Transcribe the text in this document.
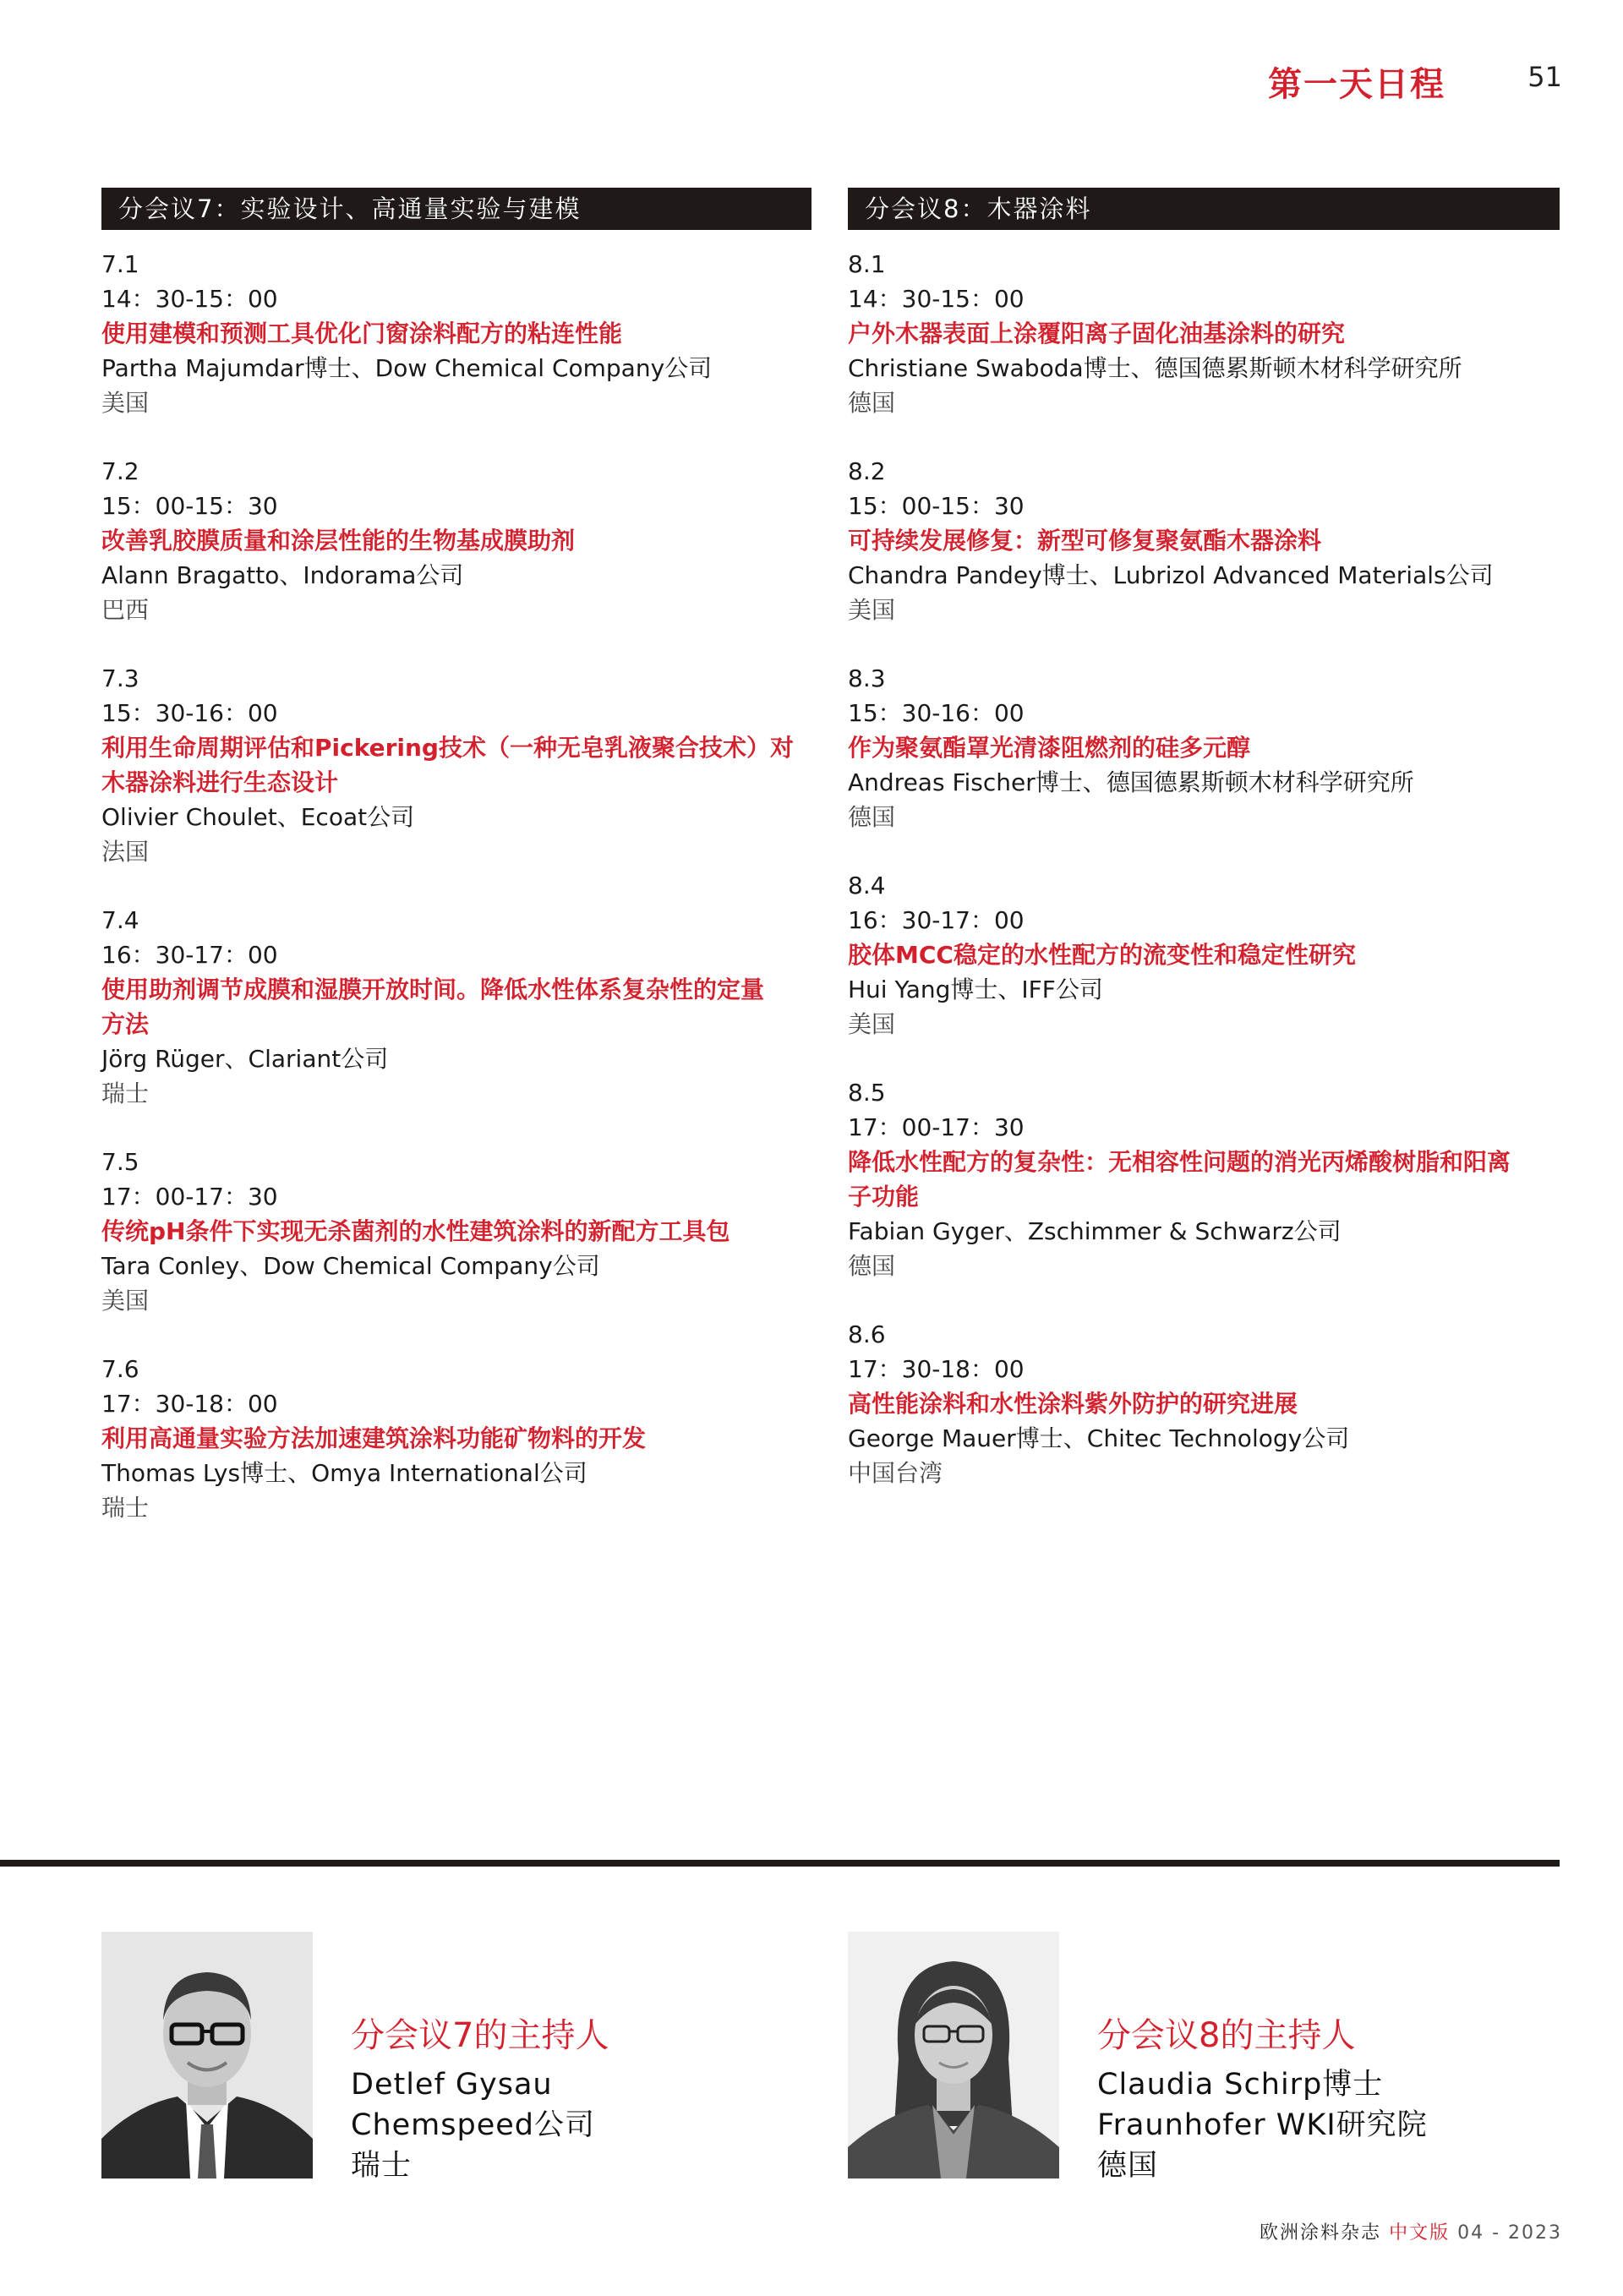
第一天日程	51
分会议7：实验设计、高通量实验与建模
7.1
14：30-15：00
使用建模和预测工具优化门窗涂料配方的粘连性能
Partha Majumdar博士、Dow Chemical Company公司
美国
7.2
15：00-15：30
改善乳胶膜质量和涂层性能的生物基成膜助剂
Alann Bragatto、Indorama公司
巴西
7.3
15：30-16：00
利用生命周期评估和Pickering技术（一种无皂乳液聚合技术）对
木器涂料进行生态设计
Olivier Choulet、Ecoat公司
法国
7.4
16：30-17：00
使用助剂调节成膜和湿膜开放时间。降低水性体系复杂性的定量
方法
Jörg Rüger、Clariant公司
瑞士
7.5
17：00-17：30
传统pH条件下实现无杀菌剂的水性建筑涂料的新配方工具包
Tara Conley、Dow Chemical Company公司
美国
7.6
17：30-18：00
利用高通量实验方法加速建筑涂料功能矿物料的开发
Thomas Lys博士、Omya International公司
瑞士
分会议8：木器涂料
8.1
14：30-15：00
户外木器表面上涂覆阳离子固化油基涂料的研究
Christiane Swaboda博士、德国德累斯顿木材科学研究所
德国
8.2
15：00-15：30
可持续发展修复：新型可修复聚氨酯木器涂料
Chandra Pandey博士、Lubrizol Advanced Materials公司
美国
8.3
15：30-16：00
作为聚氨酯罩光清漆阻燃剂的硅多元醇
Andreas Fischer博士、德国德累斯顿木材科学研究所
德国
8.4
16：30-17：00
胶体MCC稳定的水性配方的流变性和稳定性研究
Hui Yang博士、IFF公司
美国
8.5
17：00-17：30
降低水性配方的复杂性：无相容性问题的消光丙烯酸树脂和阳离
子功能
Fabian Gyger、Zschimmer & Schwarz公司
德国
8.6
17：30-18：00
高性能涂料和水性涂料紫外防护的研究进展
George Mauer博士、Chitec Technology公司
中国台湾
分会议7的主持人
Detlef Gysau
Chemspeed公司
瑞士
分会议8的主持人
Claudia Schirp博士
Fraunhofer WKI研究院
德国
欧洲涂料杂志 中文版 04 - 2023
